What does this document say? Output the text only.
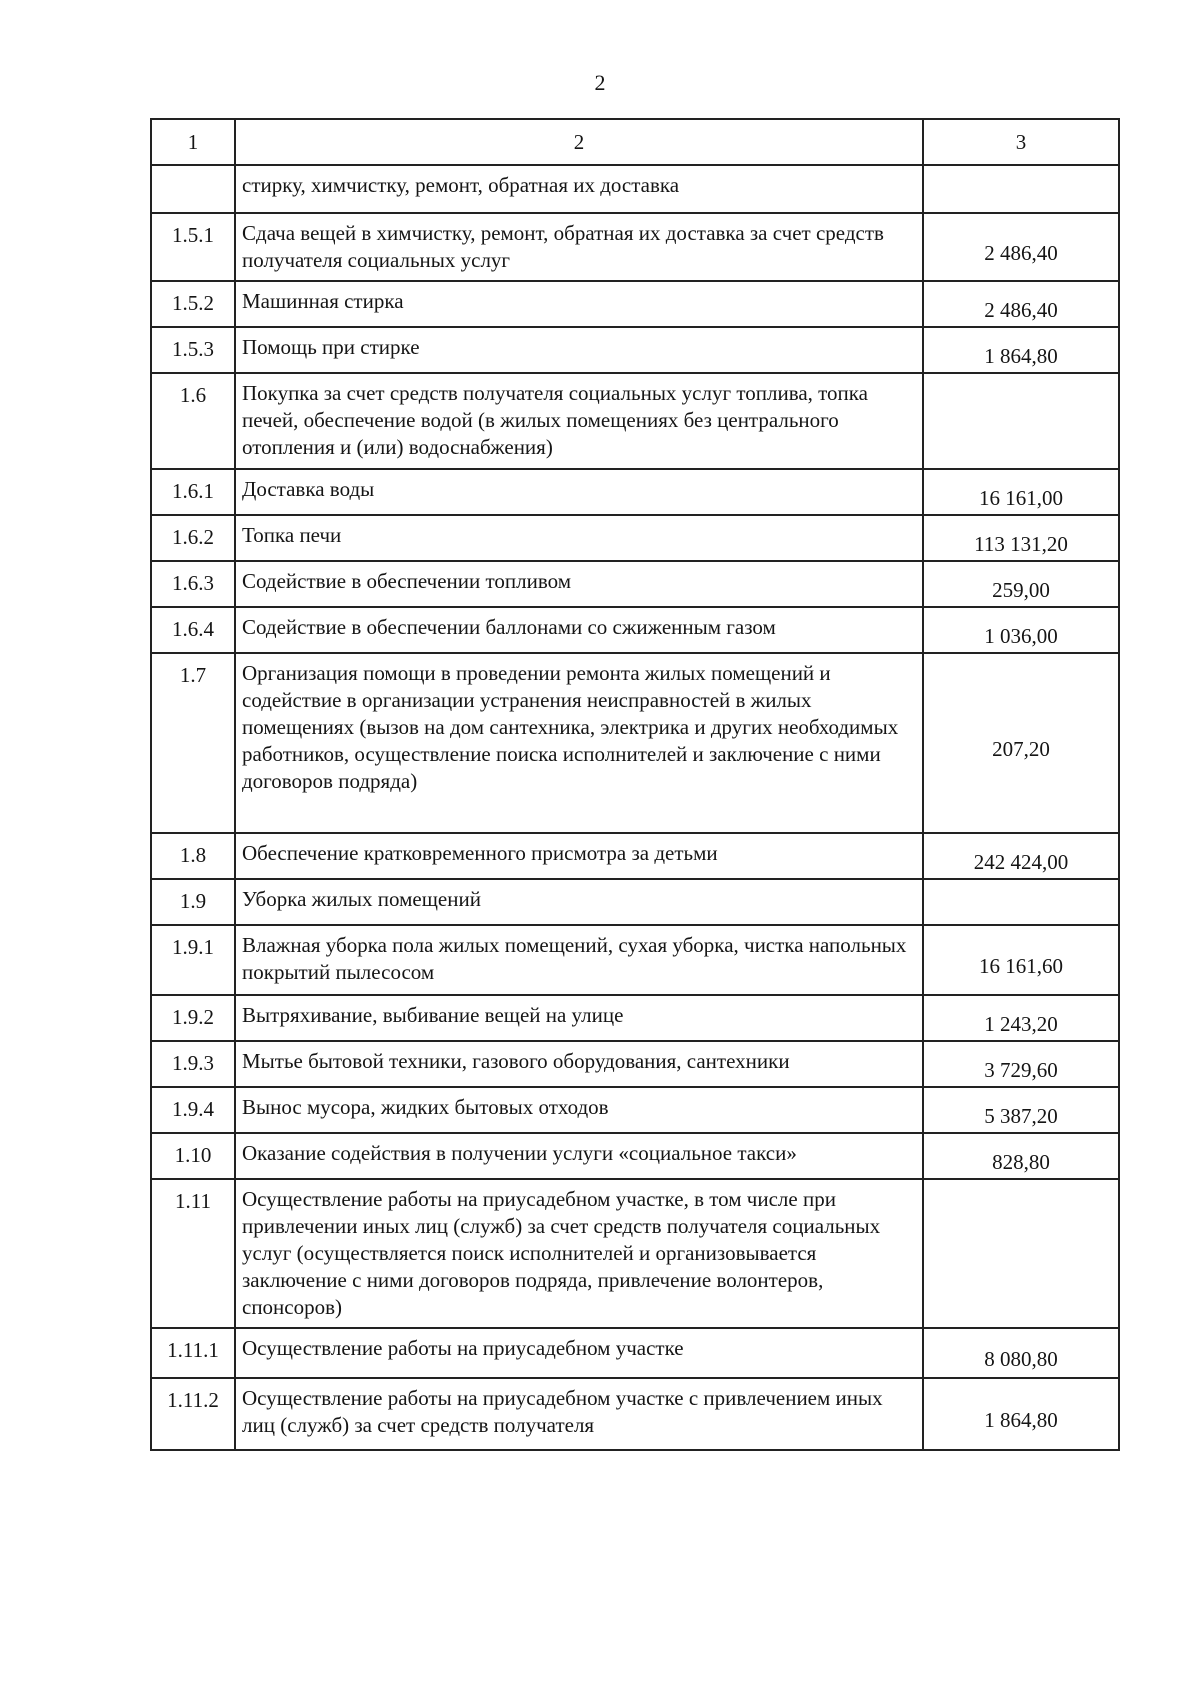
2
1	2	3
	стирку, химчистку, ремонт, обратная их доставка	
1.5.1	Сдача вещей в химчистку, ремонт, обратная их доставка за счет средств получателя социальных услуг	2 486,40
1.5.2	Машинная стирка	2 486,40
1.5.3	Помощь при стирке	1 864,80
1.6	Покупка за счет средств получателя социальных услуг топлива, топка печей, обеспечение водой (в жилых помещениях без центрального отопления и (или) водоснабжения)	
1.6.1	Доставка воды	16 161,00
1.6.2	Топка печи	113 131,20
1.6.3	Содействие в обеспечении топливом	259,00
1.6.4	Содействие в обеспечении баллонами со сжиженным газом	1 036,00
1.7	Организация помощи в проведении ремонта жилых помещений и содействие в организации устранения неисправностей в жилых помещениях (вызов на дом сантехника, электрика и других необходимых работников, осуществление поиска исполнителей и заключение с ними договоров подряда)	207,20
1.8	Обеспечение кратковременного присмотра за детьми	242 424,00
1.9	Уборка жилых помещений	
1.9.1	Влажная уборка пола жилых помещений, сухая уборка, чистка напольных покрытий пылесосом	16 161,60
1.9.2	Вытряхивание, выбивание вещей на улице	1 243,20
1.9.3	Мытье бытовой техники, газового оборудования, сантехники	3 729,60
1.9.4	Вынос мусора, жидких бытовых отходов	5 387,20
1.10	Оказание содействия в получении услуги «социальное такси»	828,80
1.11	Осуществление работы на приусадебном участке, в том числе при привлечении иных лиц (служб) за счет средств получателя социальных услуг (осуществляется поиск исполнителей и организовывается заключение с ними договоров подряда, привлечение волонтеров, спонсоров)	
1.11.1	Осуществление работы на приусадебном участке	8 080,80
1.11.2	Осуществление работы на приусадебном участке с привлечением иных лиц (служб) за счет средств получателя	1 864,80
